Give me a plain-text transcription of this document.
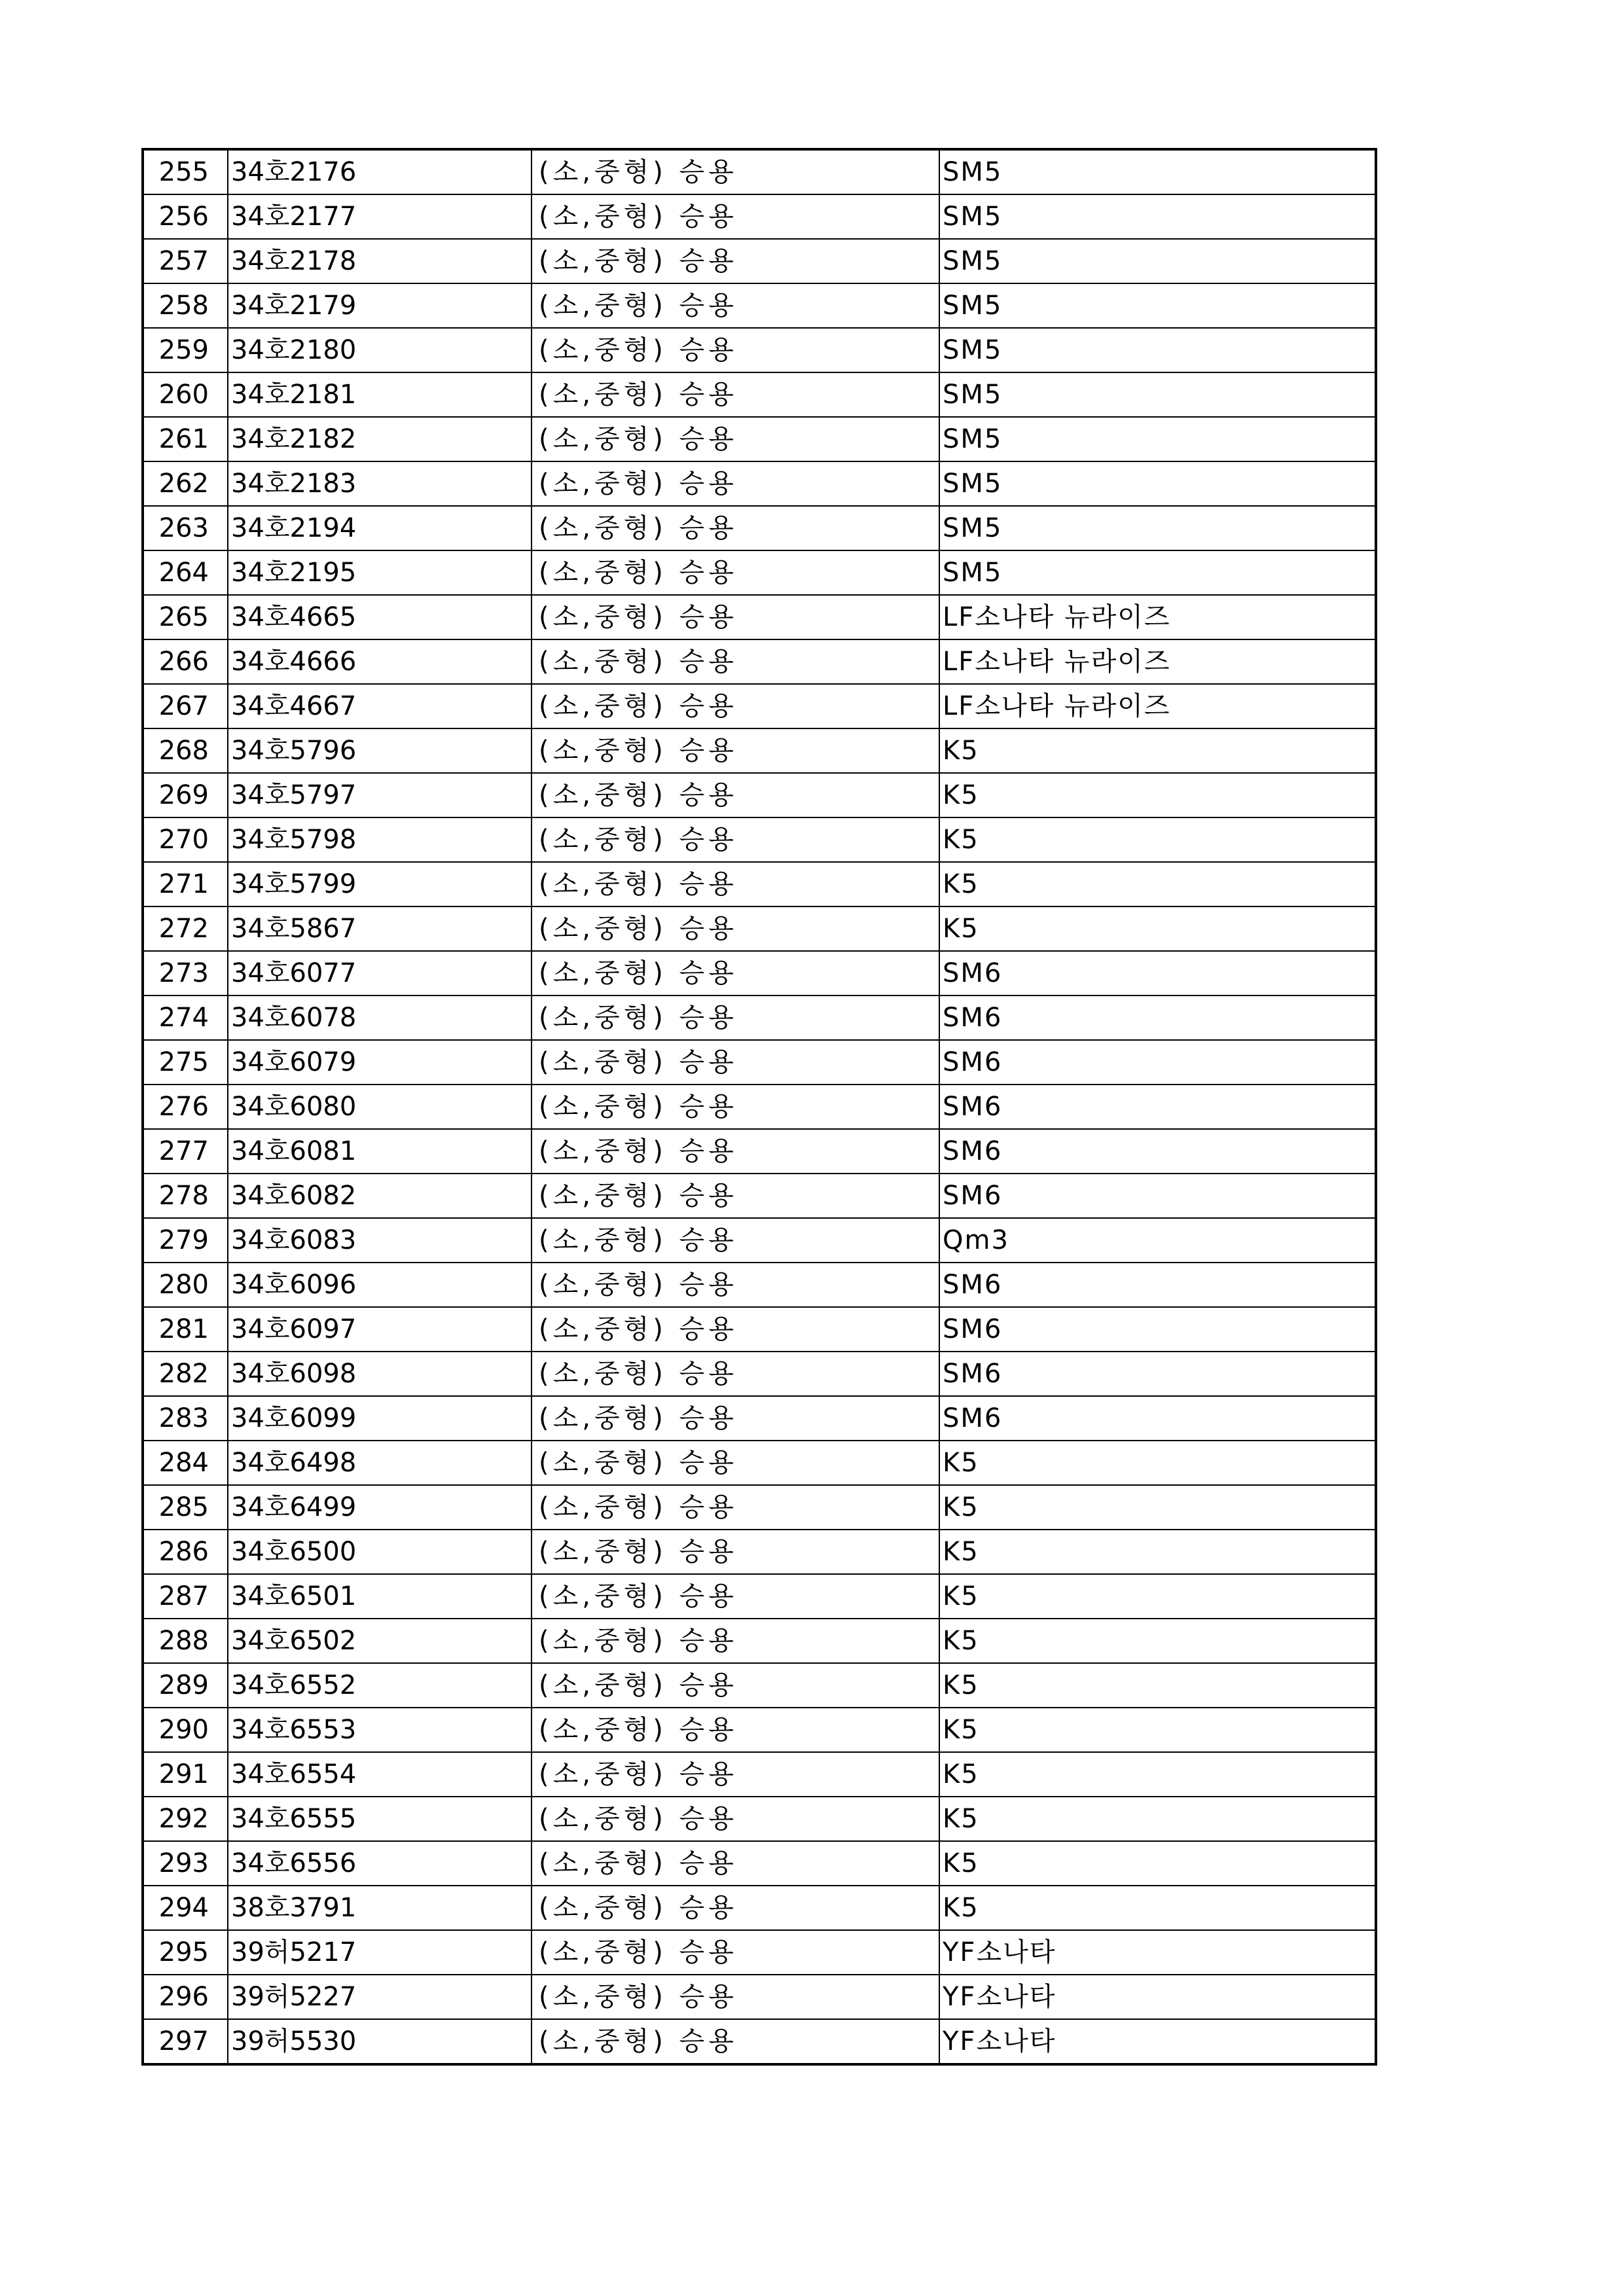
255	34호2176	(소,중형) 승용	SM5
256	34호2177	(소,중형) 승용	SM5
257	34호2178	(소,중형) 승용	SM5
258	34호2179	(소,중형) 승용	SM5
259	34호2180	(소,중형) 승용	SM5
260	34호2181	(소,중형) 승용	SM5
261	34호2182	(소,중형) 승용	SM5
262	34호2183	(소,중형) 승용	SM5
263	34호2194	(소,중형) 승용	SM5
264	34호2195	(소,중형) 승용	SM5
265	34호4665	(소,중형) 승용	LF소나타 뉴라이즈
266	34호4666	(소,중형) 승용	LF소나타 뉴라이즈
267	34호4667	(소,중형) 승용	LF소나타 뉴라이즈
268	34호5796	(소,중형) 승용	K5
269	34호5797	(소,중형) 승용	K5
270	34호5798	(소,중형) 승용	K5
271	34호5799	(소,중형) 승용	K5
272	34호5867	(소,중형) 승용	K5
273	34호6077	(소,중형) 승용	SM6
274	34호6078	(소,중형) 승용	SM6
275	34호6079	(소,중형) 승용	SM6
276	34호6080	(소,중형) 승용	SM6
277	34호6081	(소,중형) 승용	SM6
278	34호6082	(소,중형) 승용	SM6
279	34호6083	(소,중형) 승용	Qm3
280	34호6096	(소,중형) 승용	SM6
281	34호6097	(소,중형) 승용	SM6
282	34호6098	(소,중형) 승용	SM6
283	34호6099	(소,중형) 승용	SM6
284	34호6498	(소,중형) 승용	K5
285	34호6499	(소,중형) 승용	K5
286	34호6500	(소,중형) 승용	K5
287	34호6501	(소,중형) 승용	K5
288	34호6502	(소,중형) 승용	K5
289	34호6552	(소,중형) 승용	K5
290	34호6553	(소,중형) 승용	K5
291	34호6554	(소,중형) 승용	K5
292	34호6555	(소,중형) 승용	K5
293	34호6556	(소,중형) 승용	K5
294	38호3791	(소,중형) 승용	K5
295	39허5217	(소,중형) 승용	YF소나타
296	39허5227	(소,중형) 승용	YF소나타
297	39허5530	(소,중형) 승용	YF소나타
